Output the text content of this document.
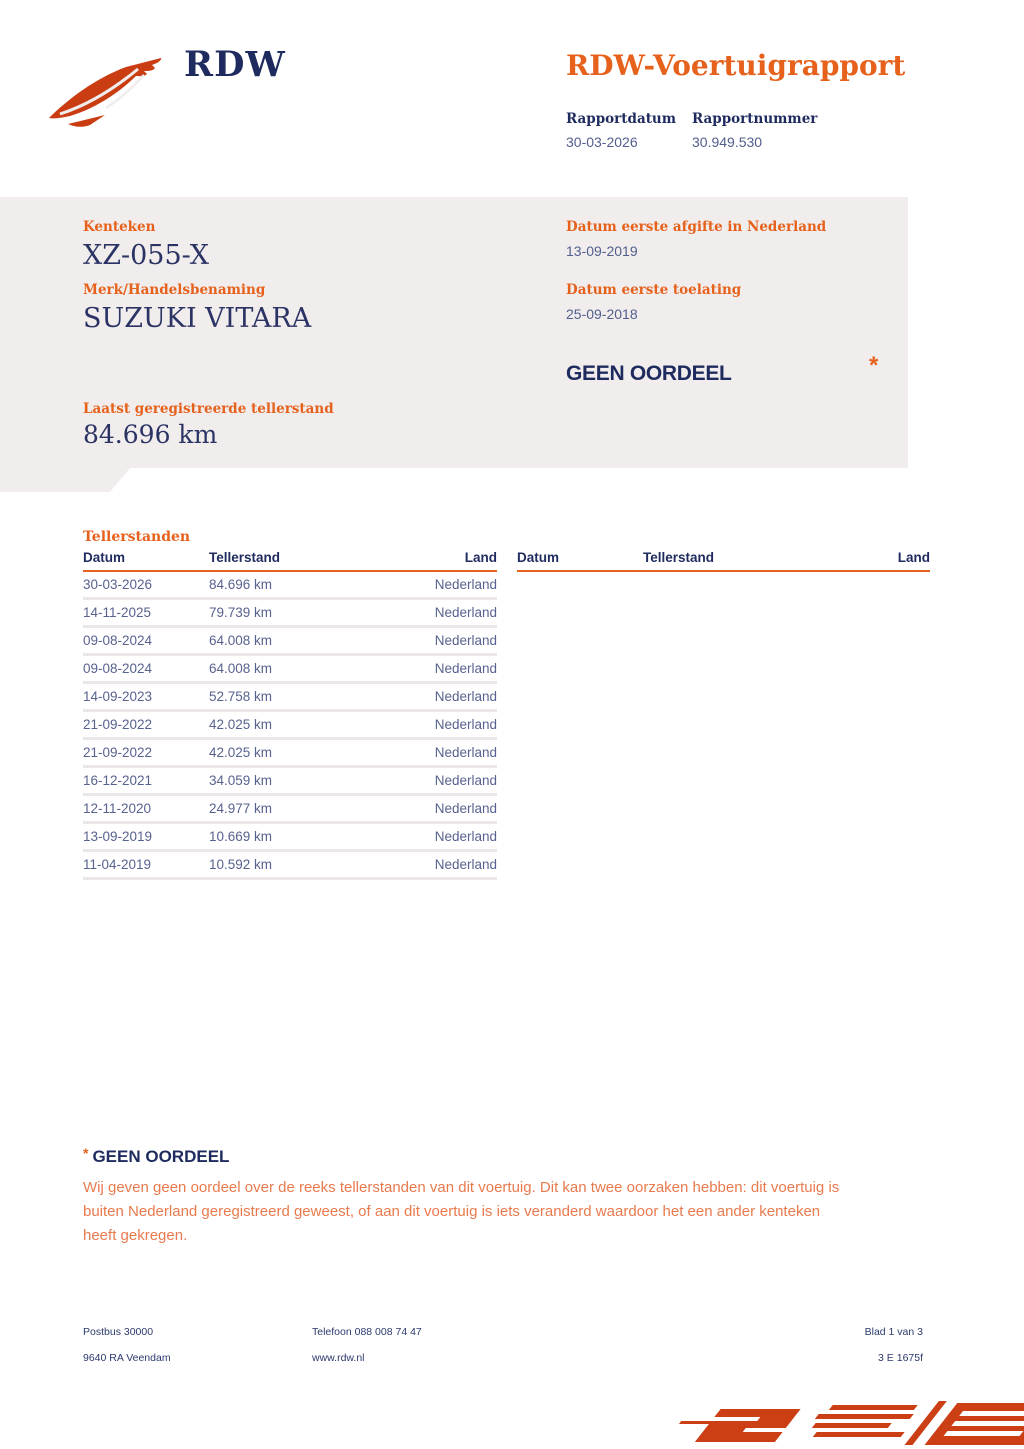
RDW	RDW-Voertuigrapport
Rapportdatum Rapportnummer
30-03-2026	30.949.530
Kenteken
XZ-055-X
Merk/Handelsbenaming
SUZUKI VITARA
Laatst geregistreerde tellerstand
84.696 km
Datum eerste afgifte in Nederland
13-09-2019
Datum eerste toelating
25-09-2018
GEEN OORDEEL	*
Tellerstanden
Datum	Tellerstand	Land
30-03-2026	84.696 km	Nederland
14-11-2025	79.739 km	Nederland
09-08-2024	64.008 km	Nederland
09-08-2024	64.008 km	Nederland
14-09-2023	52.758 km	Nederland
21-09-2022	42.025 km	Nederland
21-09-2022	42.025 km	Nederland
16-12-2021	34.059 km	Nederland
12-11-2020	24.977 km	Nederland
13-09-2019	10.669 km	Nederland
11-04-2019	10.592 km	Nederland
Datum	Tellerstand	Land
* GEEN OORDEEL
Wij geven geen oordeel over de reeks tellerstanden van dit voertuig. Dit kan twee oorzaken hebben: dit voertuig is
buiten Nederland geregistreerd geweest, of aan dit voertuig is iets veranderd waardoor het een ander kenteken
heeft gekregen.
Postbus 30000
9640 RA Veendam
Telefoon 088 008 74 47
www.rdw.nl
Blad 1 van 3
3 E 1675f
